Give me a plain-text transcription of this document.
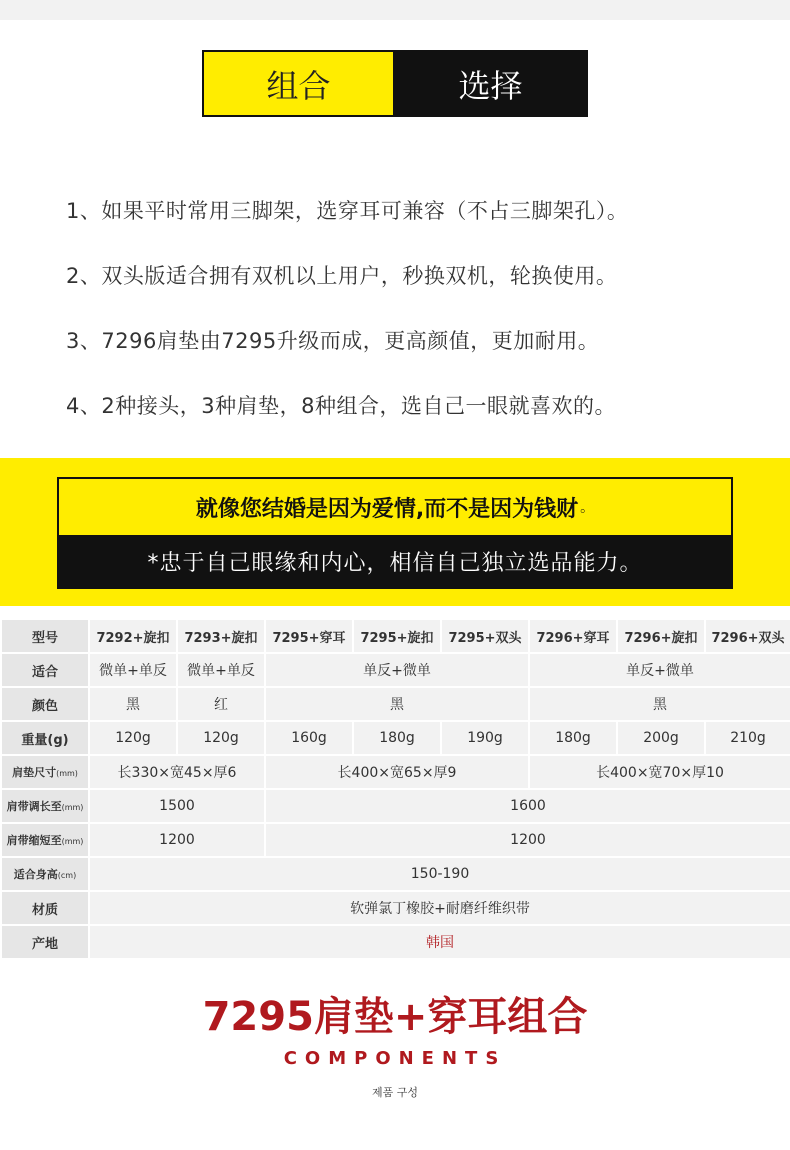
组合	选择
1、如果平时常用三脚架，选穿耳可兼容（不占三脚架孔）。
2、双头版适合拥有双机以上用户，秒换双机，轮换使用。
3、7296肩垫由7295升级而成，更高颜值，更加耐用。
4、2种接头，3种肩垫，8种组合，选自己一眼就喜欢的。
就像您结婚是因为爱情,而不是因为钱财 。
*忠于自己眼缘和内心，相信自己独立选品能力。
型号	7292+旋扣	7293+旋扣	7295+穿耳	7295+旋扣	7295+双头	7296+穿耳	7296+旋扣	7296+双头
适合	微单+单反	微单+单反	单反+微单			单反+微单		
颜色	黑	红	黑			黑		
重量(g)	120g	120g	160g	180g	190g	180g	200g	210g
肩垫尺寸(mm)	长330×宽45×厚6		长400×宽65×厚9			长400×宽70×厚10		
肩带调长至(mm)	1500		1600					
肩带缩短至(mm)	1200		1200					
适合身高(cm)	150-190							
材质	软弹氯丁橡胶+耐磨纤维织带							
产地	韩国							
7295肩垫+穿耳组合
COMPONENTS
제품 구성
